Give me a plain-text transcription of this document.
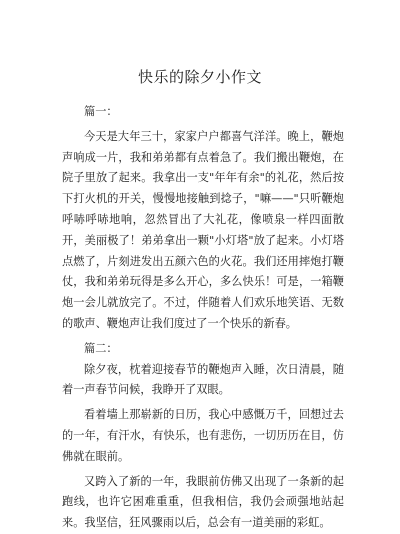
快乐的除夕小作文

篇一：

今天是大年三十，家家户户都喜气洋洋。晚上，鞭炮声响成一片，我和弟弟都有点着急了。我们搬出鞭炮，在院子里放了起来。我拿出一支"年年有余"的礼花，然后按下打火机的开关，慢慢地接触到捻子，"嘛——"只听鞭炮呼哧呼哧地响，忽然冒出了大礼花，像喷泉一样四面散开，美丽极了！弟弟拿出一颗"小灯塔"放了起来。小灯塔点燃了，片刻进发出五颜六色的火花。我们还用摔炮打鞭仗，我和弟弟玩得是多么开心，多么快乐！可是，一箱鞭炮一会儿就放完了。不过，伴随着人们欢乐地笑语、无数的歌声、鞭炮声让我们度过了一个快乐的新春。

篇二：

除夕夜，枕着迎接春节的鞭炮声入睡，次日清晨，随着一声春节问候，我睁开了双眼。

看着墙上那崭新的日历，我心中感慨万千，回想过去的一年，有汗水，有快乐，也有悲伤，一切历历在目，仿佛就在眼前。

又跨入了新的一年，我眼前仿佛又出现了一条新的起跑线，也许它困难重重，但我相信，我仍会顽强地站起来。我坚信，狂风骤雨以后，总会有一道美丽的彩虹。
